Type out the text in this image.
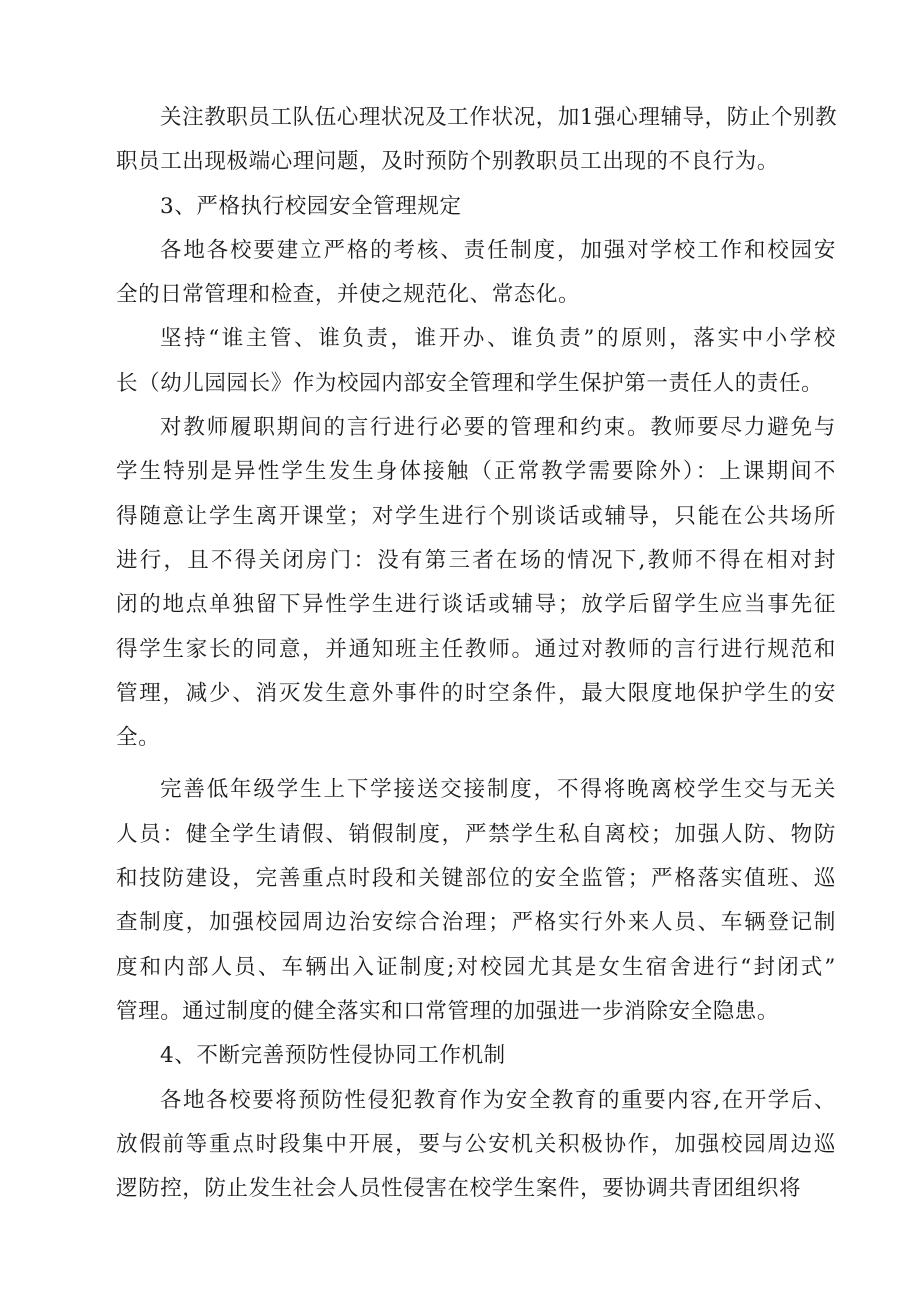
关注教职员工队伍心理状况及工作状况，加1强心理辅导，防止个别教
职员工出现极端心理问题，及时预防个别教职员工出现的不良行为。
3、严格执行校园安全管理规定
各地各校要建立严格的考核、责任制度，加强对学校工作和校园安
全的日常管理和检查，并使之规范化、常态化。
坚持“谁主管、谁负责，谁开办、谁负责”的原则，落实中小学校
长（幼儿园园长》作为校园内部安全管理和学生保护第一责任人的责任。
对教师履职期间的言行进行必要的管理和约束。教师要尽力避免与
学生特别是异性学生发生身体接触（正常教学需要除外）：上课期间不
得随意让学生离开课堂；对学生进行个别谈话或辅导，只能在公共场所
进行，且不得关闭房门：没有第三者在场的情况下,教师不得在相对封
闭的地点单独留下异性学生进行谈话或辅导；放学后留学生应当事先征
得学生家长的同意，并通知班主任教师。通过对教师的言行进行规范和
管理，减少、消灭发生意外事件的时空条件，最大限度地保护学生的安
全。
完善低年级学生上下学接送交接制度，不得将晚离校学生交与无关
人员：健全学生请假、销假制度，严禁学生私自离校；加强人防、物防
和技防建设，完善重点时段和关键部位的安全监管；严格落实值班、巡
查制度，加强校园周边治安综合治理；严格实行外来人员、车辆登记制
度和内部人员、车辆出入证制度;对校园尤其是女生宿舍进行“封闭式”
管理。通过制度的健全落实和口常管理的加强进一步消除安全隐患。
4、不断完善预防性侵协同工作机制
各地各校要将预防性侵犯教育作为安全教育的重要内容,在开学后、
放假前等重点时段集中开展，要与公安机关积极协作，加强校园周边巡
逻防控，防止发生社会人员性侵害在校学生案件，要协调共青团组织将
